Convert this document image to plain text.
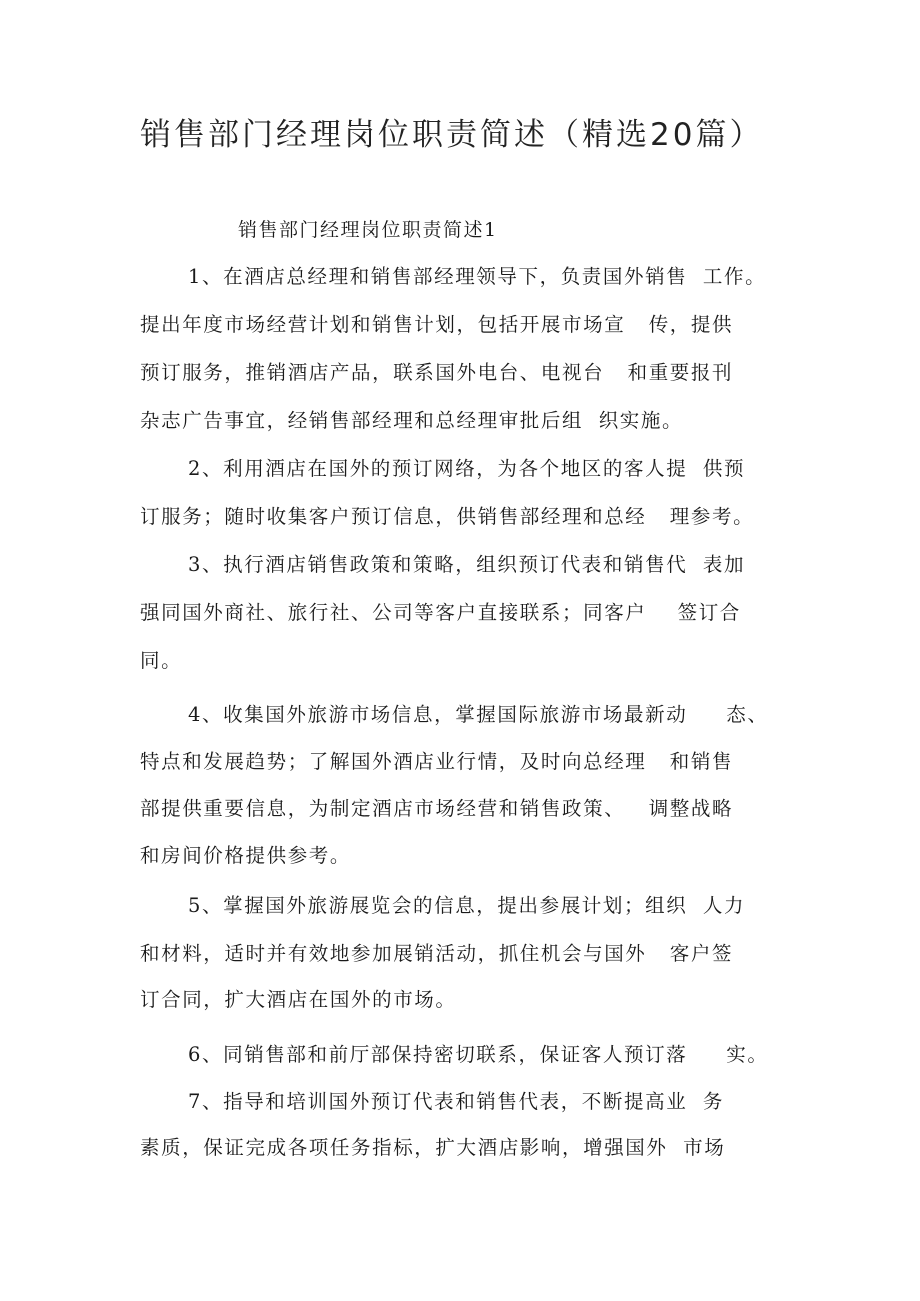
销售部门经理岗位职责简述（精选20篇）
销售部门经理岗位职责简述1

1、在酒店总经理和销售部经理领导下，负责国外销售  工作。

提出年度市场经营计划和销售计划，包括开展市场宣   传，提供

预订服务，推销酒店产品，联系国外电台、电视台   和重要报刊

杂志广告事宜，经销售部经理和总经理审批后组  织实施。

2、利用酒店在国外的预订网络，为各个地区的客人提  供预

订服务；随时收集客户预订信息，供销售部经理和总经   理参考。

3、执行酒店销售政策和策略，组织预订代表和销售代  表加

强同国外商社、旅行社、公司等客户直接联系；同客户    签订合

同。

4、收集国外旅游市场信息，掌握国际旅游市场最新动     态、

特点和发展趋势；了解国外酒店业行情，及时向总经理   和销售

部提供重要信息，为制定酒店市场经营和销售政策、   调整战略

和房间价格提供参考。

5、掌握国外旅游展览会的信息，提出参展计划；组织  人力

和材料，适时并有效地参加展销活动，抓住机会与国外   客户签

订合同，扩大酒店在国外的市场。

6、同销售部和前厅部保持密切联系，保证客人预订落     实。

7、指导和培训国外预订代表和销售代表，不断提高业  务

素质，保证完成各项任务指标，扩大酒店影响，增强国外  市场
